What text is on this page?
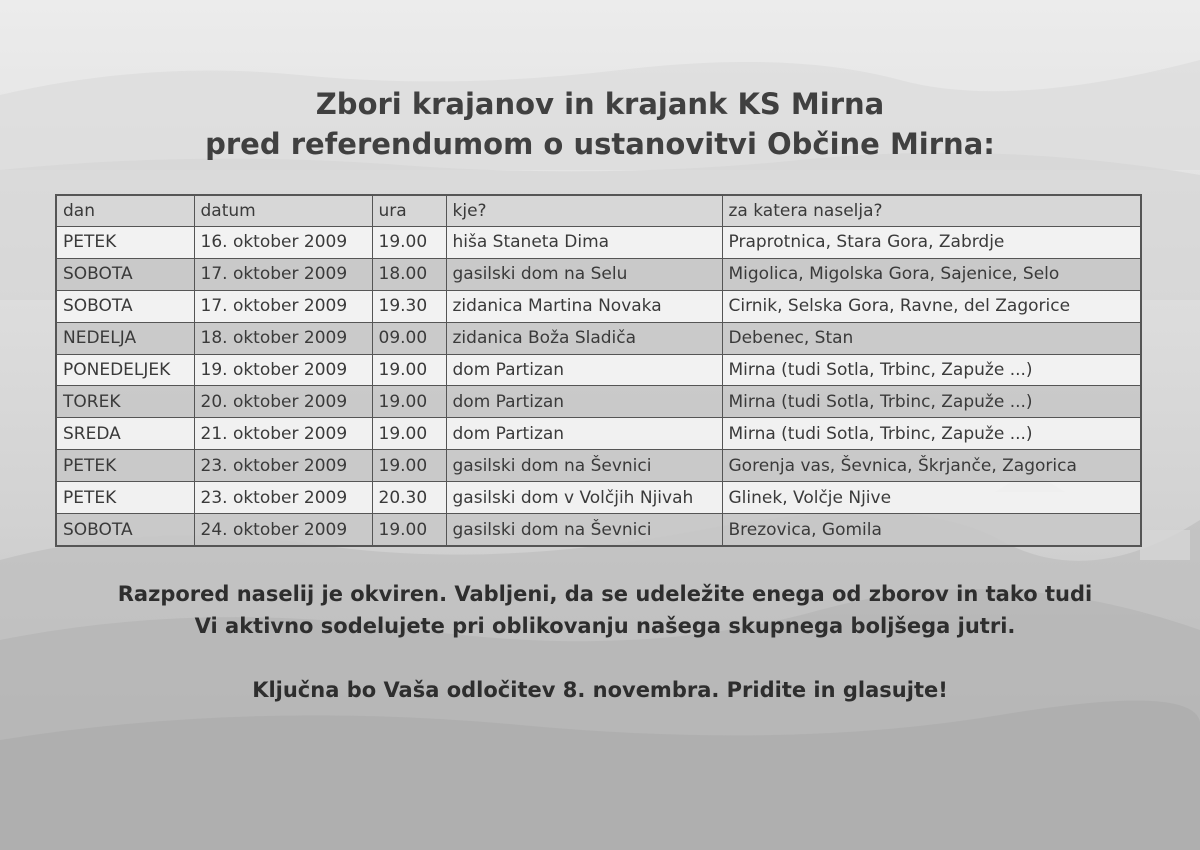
Zbori krajanov in krajank KS Mirna
pred referendumom o ustanovitvi Občine Mirna:
dan	datum	ura	kje?	za katera naselja?
PETEK	16. oktober 2009	19.00	hiša Staneta Dima	Praprotnica, Stara Gora, Zabrdje
SOBOTA	17. oktober 2009	18.00	gasilski dom na Selu	Migolica, Migolska Gora, Sajenice, Selo
SOBOTA	17. oktober 2009	19.30	zidanica Martina Novaka	Cirnik, Selska Gora, Ravne, del Zagorice
NEDELJA	18. oktober 2009	09.00	zidanica Boža Sladiča	Debenec, Stan
PONEDELJEK	19. oktober 2009	19.00	dom Partizan	Mirna (tudi Sotla, Trbinc, Zapuže ...)
TOREK	20. oktober 2009	19.00	dom Partizan	Mirna (tudi Sotla, Trbinc, Zapuže ...)
SREDA	21. oktober 2009	19.00	dom Partizan	Mirna (tudi Sotla, Trbinc, Zapuže ...)
PETEK	23. oktober 2009	19.00	gasilski dom na Ševnici	Gorenja vas, Ševnica, Škrjanče, Zagorica
PETEK	23. oktober 2009	20.30	gasilski dom v Volčjih Njivah	Glinek, Volčje Njive
SOBOTA	24. oktober 2009	19.00	gasilski dom na Ševnici	Brezovica, Gomila
Razpored naselij je okviren. Vabljeni, da se udeležite enega od zborov in tako tudi
Vi aktivno sodelujete pri oblikovanju našega skupnega boljšega jutri.
Ključna bo Vaša odločitev 8. novembra. Pridite in glasujte!
